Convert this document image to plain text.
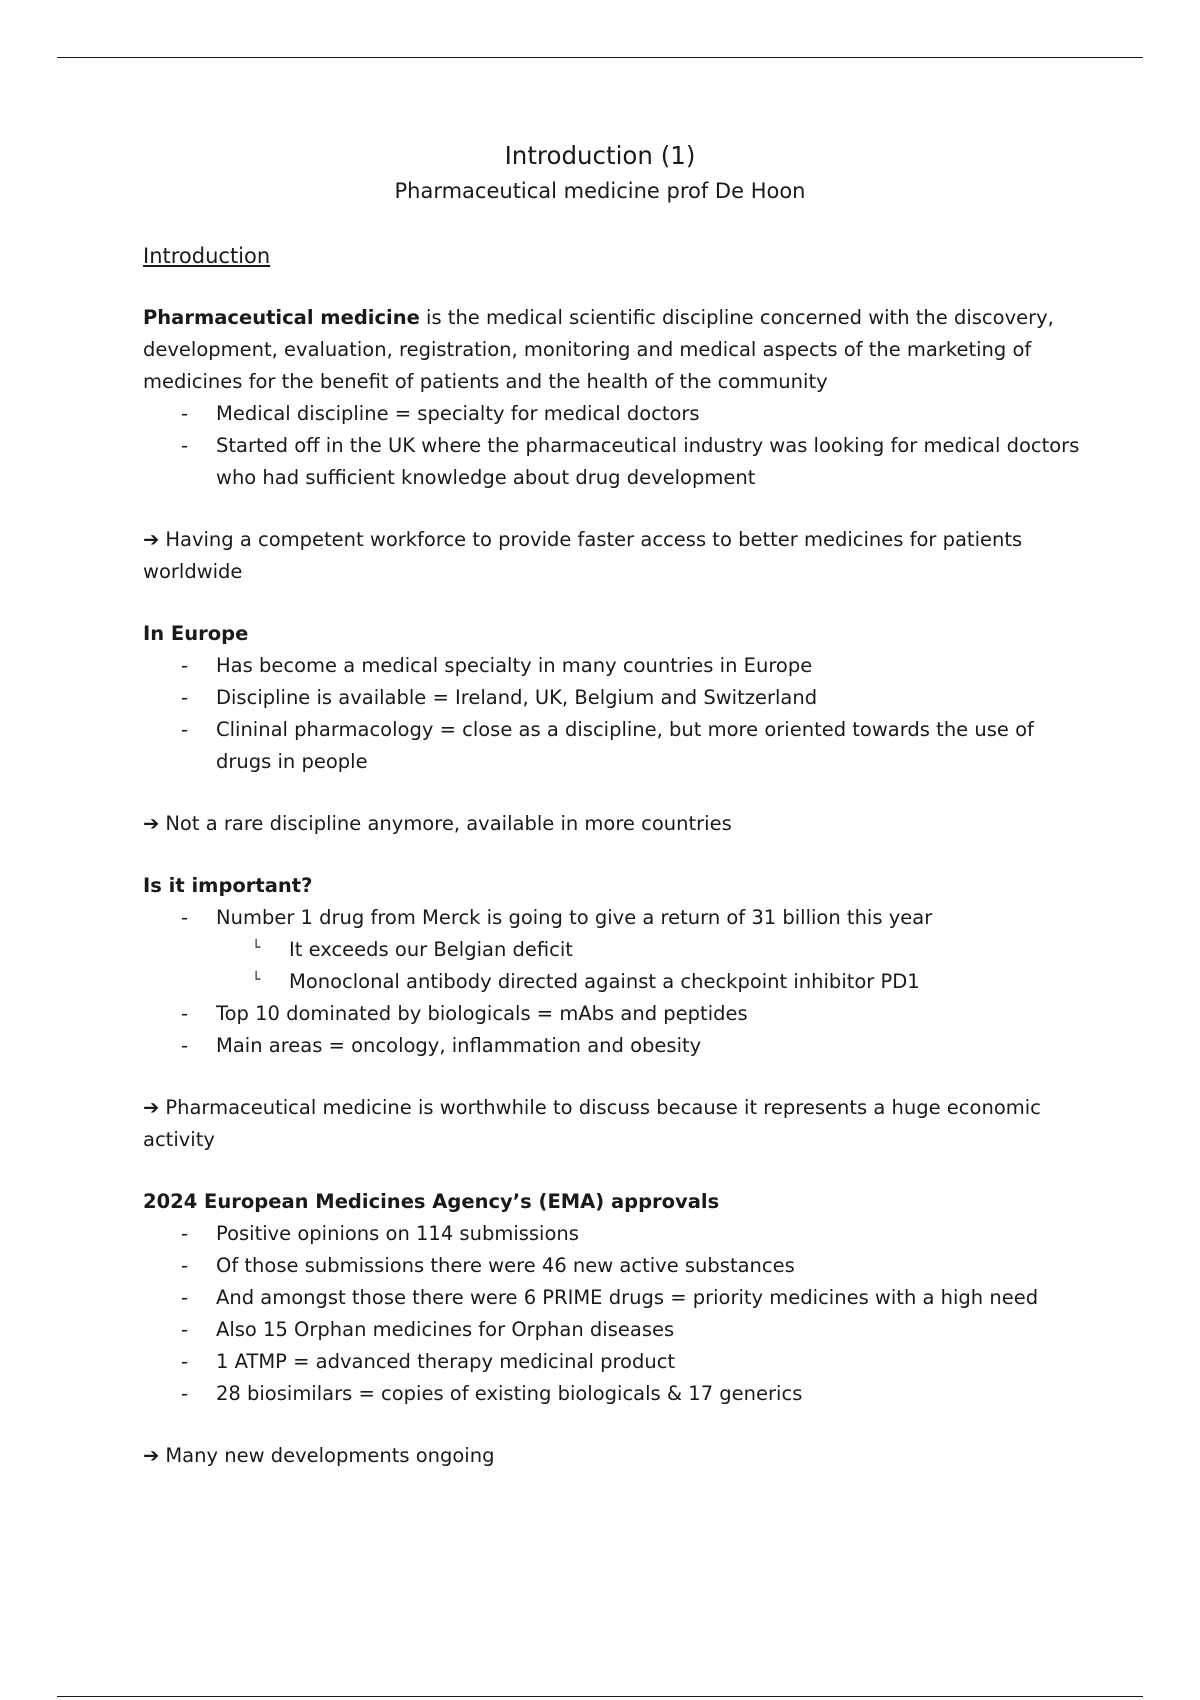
Introduction (1)

Pharmaceutical medicine prof De Hoon

Introduction

Pharmaceutical medicine is the medical scientific discipline concerned with the discovery, development, evaluation, registration, monitoring and medical aspects of the marketing of medicines for the benefit of patients and the health of the community

- Medical discipline = specialty for medical doctors
- Started off in the UK where the pharmaceutical industry was looking for medical doctors who had sufficient knowledge about drug development

➔ Having a competent workforce to provide faster access to better medicines for patients worldwide

In Europe

- Has become a medical specialty in many countries in Europe
- Discipline is available = Ireland, UK, Belgium and Switzerland
- Clininal pharmacology = close as a discipline, but more oriented towards the use of drugs in people

➔ Not a rare discipline anymore, available in more countries

Is it important?

- Number 1 drug from Merck is going to give a return of 31 billion this year
└ It exceeds our Belgian deficit
└ Monoclonal antibody directed against a checkpoint inhibitor PD1
- Top 10 dominated by biologicals = mAbs and peptides
- Main areas = oncology, inflammation and obesity

➔ Pharmaceutical medicine is worthwhile to discuss because it represents a huge economic activity

2024 European Medicines Agency’s (EMA) approvals

- Positive opinions on 114 submissions
- Of those submissions there were 46 new active substances
- And amongst those there were 6 PRIME drugs = priority medicines with a high need
- Also 15 Orphan medicines for Orphan diseases
- 1 ATMP = advanced therapy medicinal product
- 28 biosimilars = copies of existing biologicals & 17 generics

➔ Many new developments ongoing
